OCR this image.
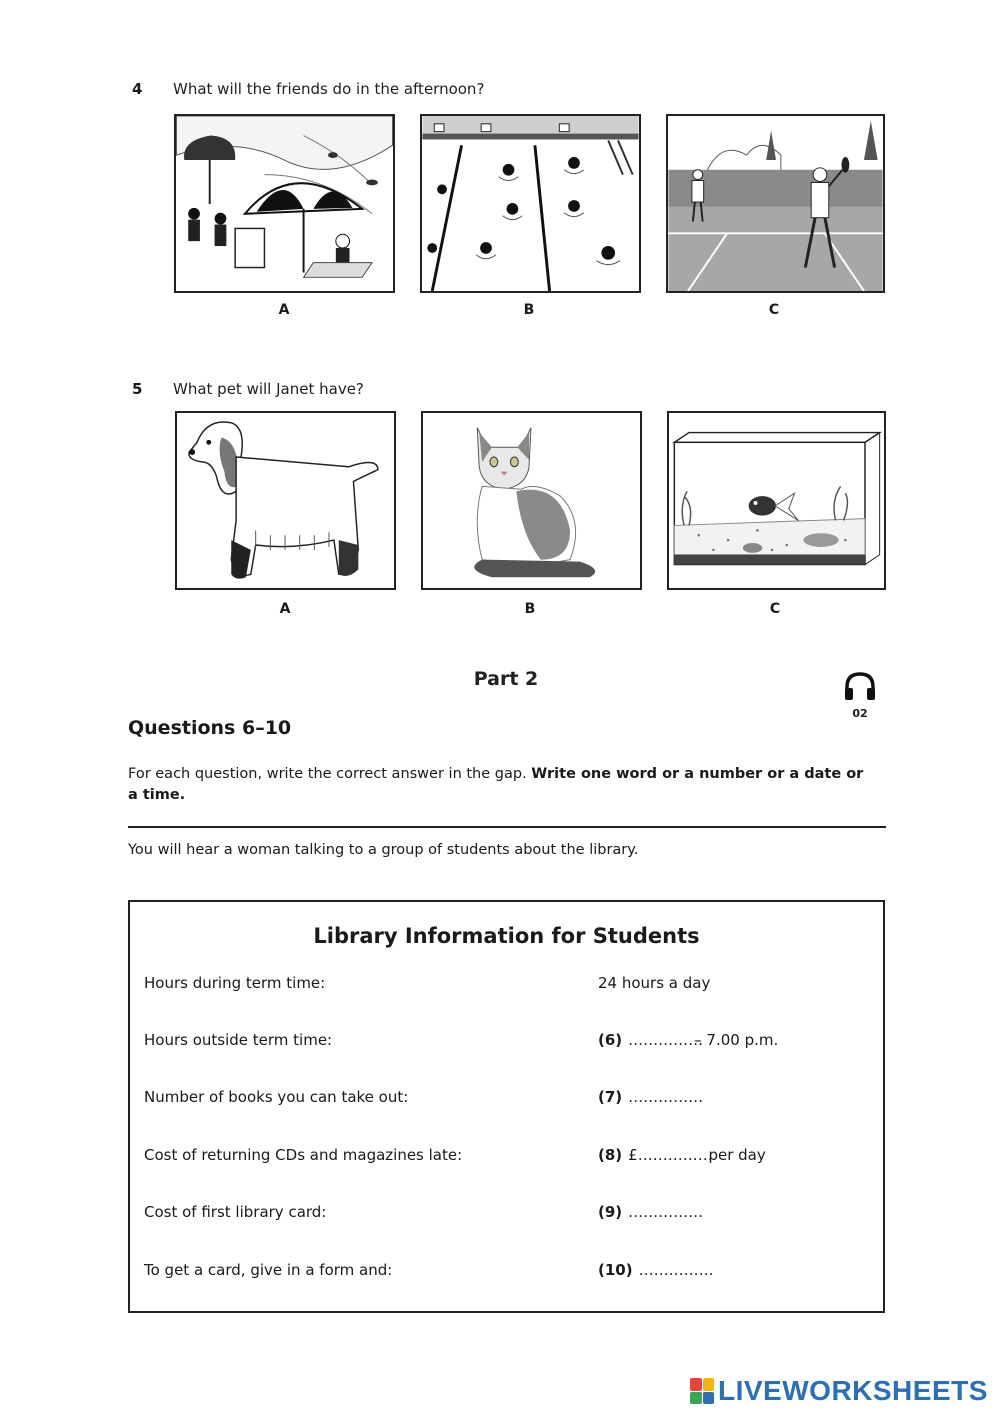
4 What will the friends do in the afternoon?
A	B	C
5 What pet will Janet have?
A	B	C
Part 2
02
Questions 6–10
For each question, write the correct answer in the gap. Write one word or a number or a date or a time.
You will hear a woman talking to a group of students about the library.
Library Information for Students
Hours during term time:	24 hours a day
Hours outside term time:	(6) ……………– 7.00 p.m.
Number of books you can take out:	(7) ……………
Cost of returning CDs and magazines late:	(8) £…………… per day
Cost of first library card:	(9) ……………
To get a card, give in a form and:	(10) ……………
LIVEWORKSHEETS
